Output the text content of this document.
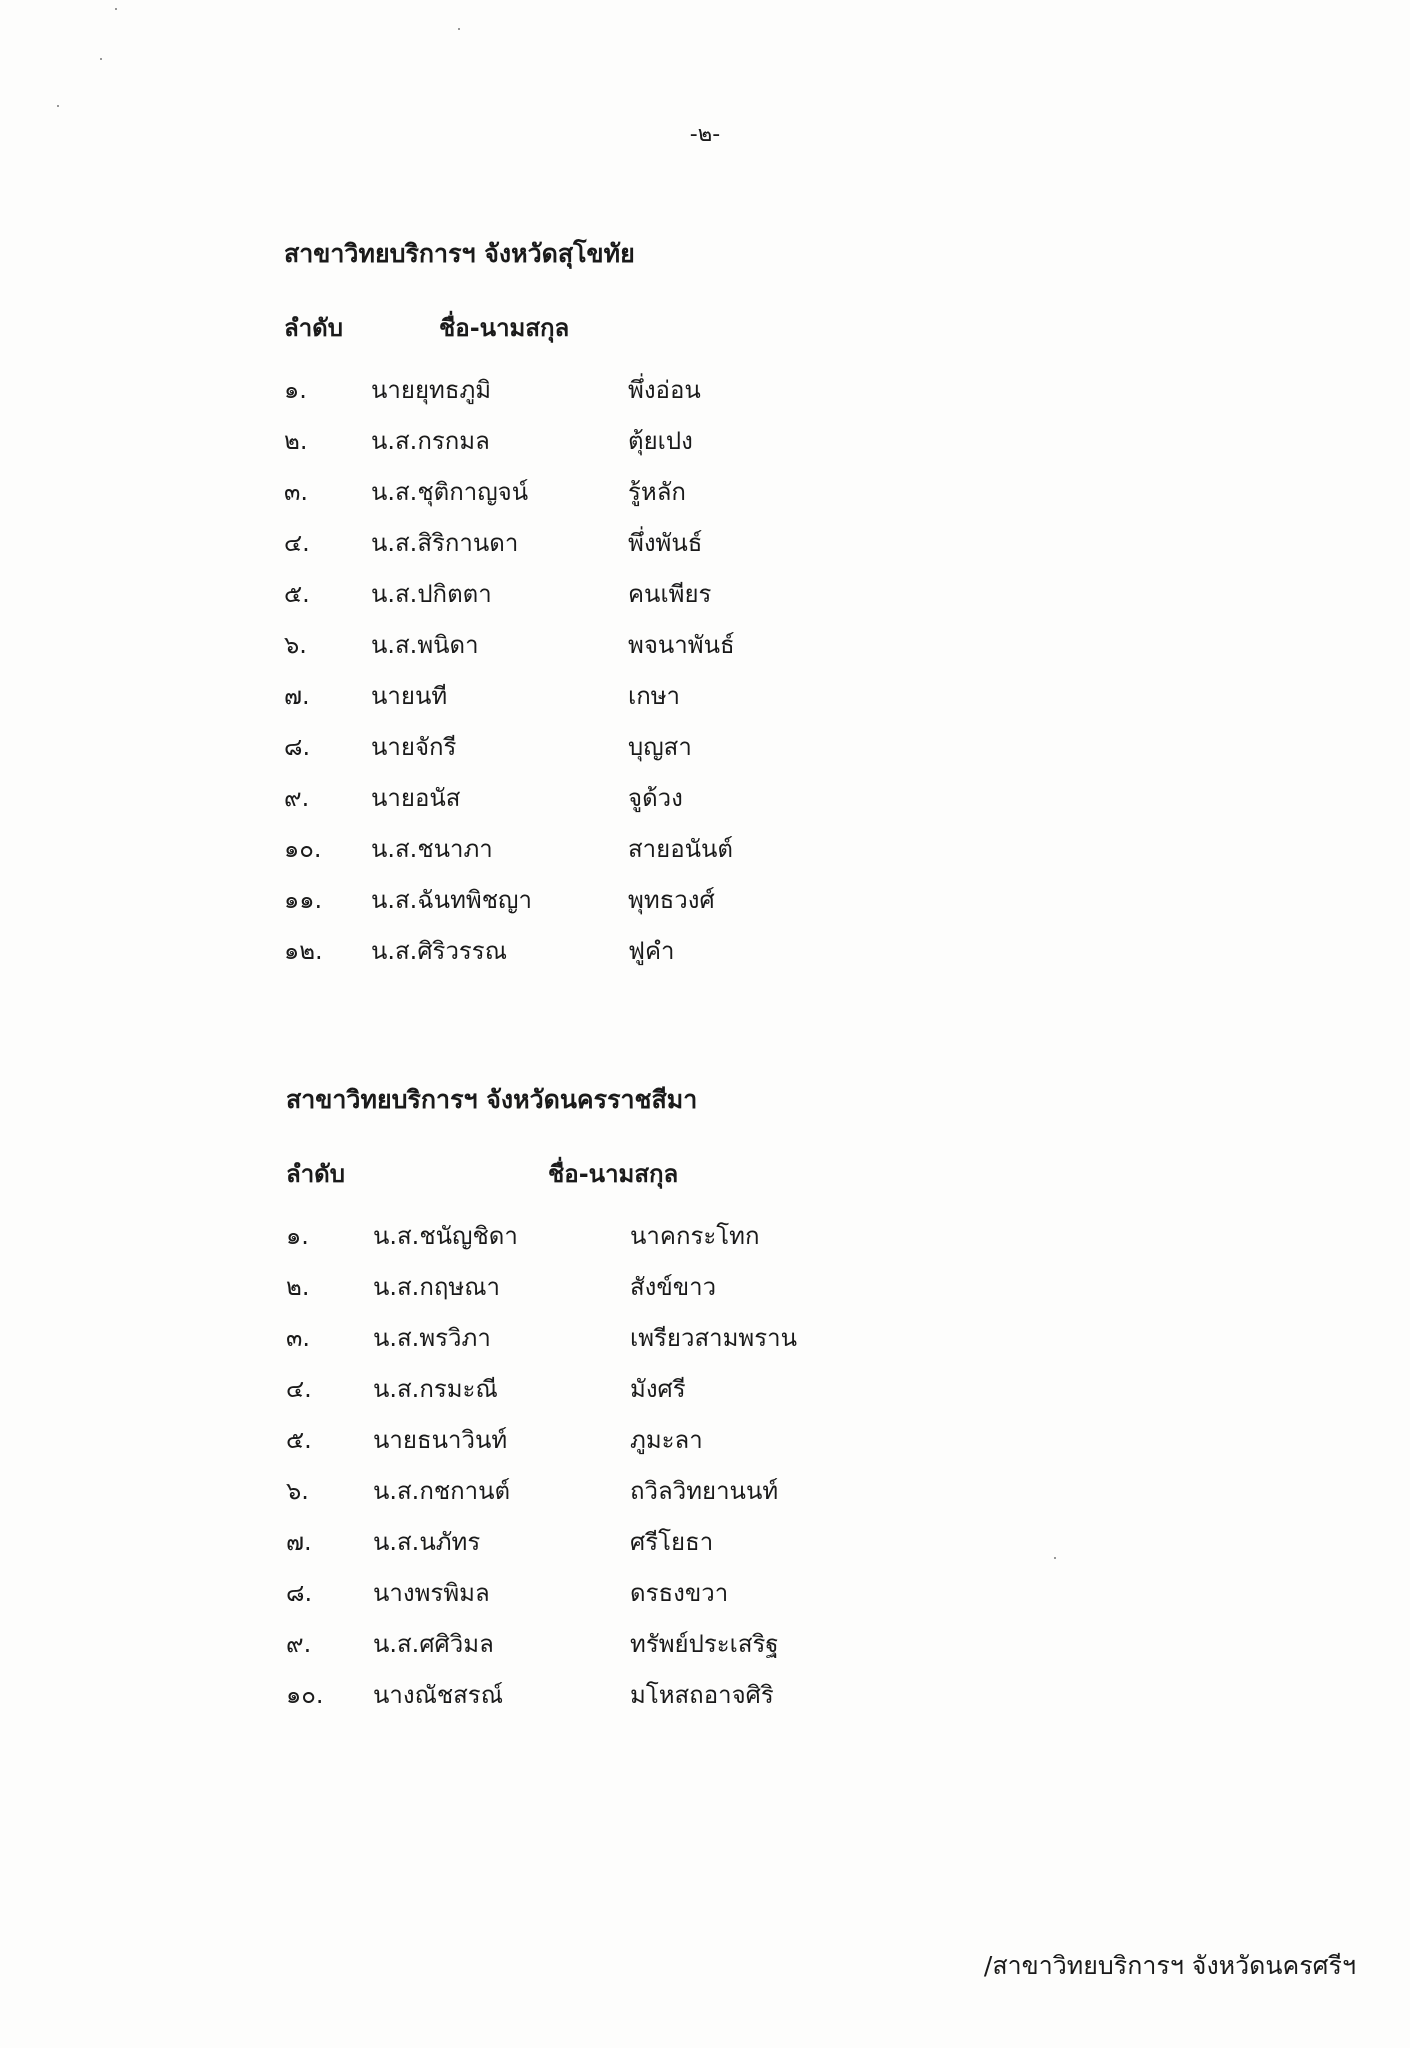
-๒-
สาขาวิทยบริการฯ จังหวัดสุโขทัย
ลำดับ	ชื่อ-นามสกุล
๑.	นายยุทธภูมิ	พึ่งอ่อน
๒.	น.ส.กรกมล	ตุ้ยเปง
๓.	น.ส.ชุติกาญจน์	รู้หลัก
๔.	น.ส.สิริกานดา	พึ่งพันธ์
๕.	น.ส.ปกิตตา	คนเพียร
๖.	น.ส.พนิดา	พจนาพันธ์
๗.	นายนที	เกษา
๘.	นายจักรี	บุญสา
๙.	นายอนัส	จูด้วง
๑๐. น.ส.ชนาภา	สายอนันต์
๑๑. น.ส.ฉันทพิชญา	พุทธวงศ์
๑๒. น.ส.ศิริวรรณ	ฟูคำ
สาขาวิทยบริการฯ จังหวัดนครราชสีมา
ลำดับ	ชื่อ-นามสกุล
๑.	น.ส.ชนัญชิดา	นาคกระโทก
๒.	น.ส.กฤษณา	สังข์ขาว
๓.	น.ส.พรวิภา	เพรียวสามพราน
๔.	น.ส.กรมะณี	มังศรี
๕.	นายธนาวินท์	ภูมะลา
๖.	น.ส.กชกานต์	ถวิลวิทยานนท์
๗.	น.ส.นภัทร	ศรีโยธา
๘.	นางพรพิมล	ดรธงขวา
๙.	น.ส.ศศิวิมล	ทรัพย์ประเสริฐ
๑๐. นางณัชสรณ์	มโหสถอาจศิริ
/สาขาวิทยบริการฯ จังหวัดนครศรีฯ
